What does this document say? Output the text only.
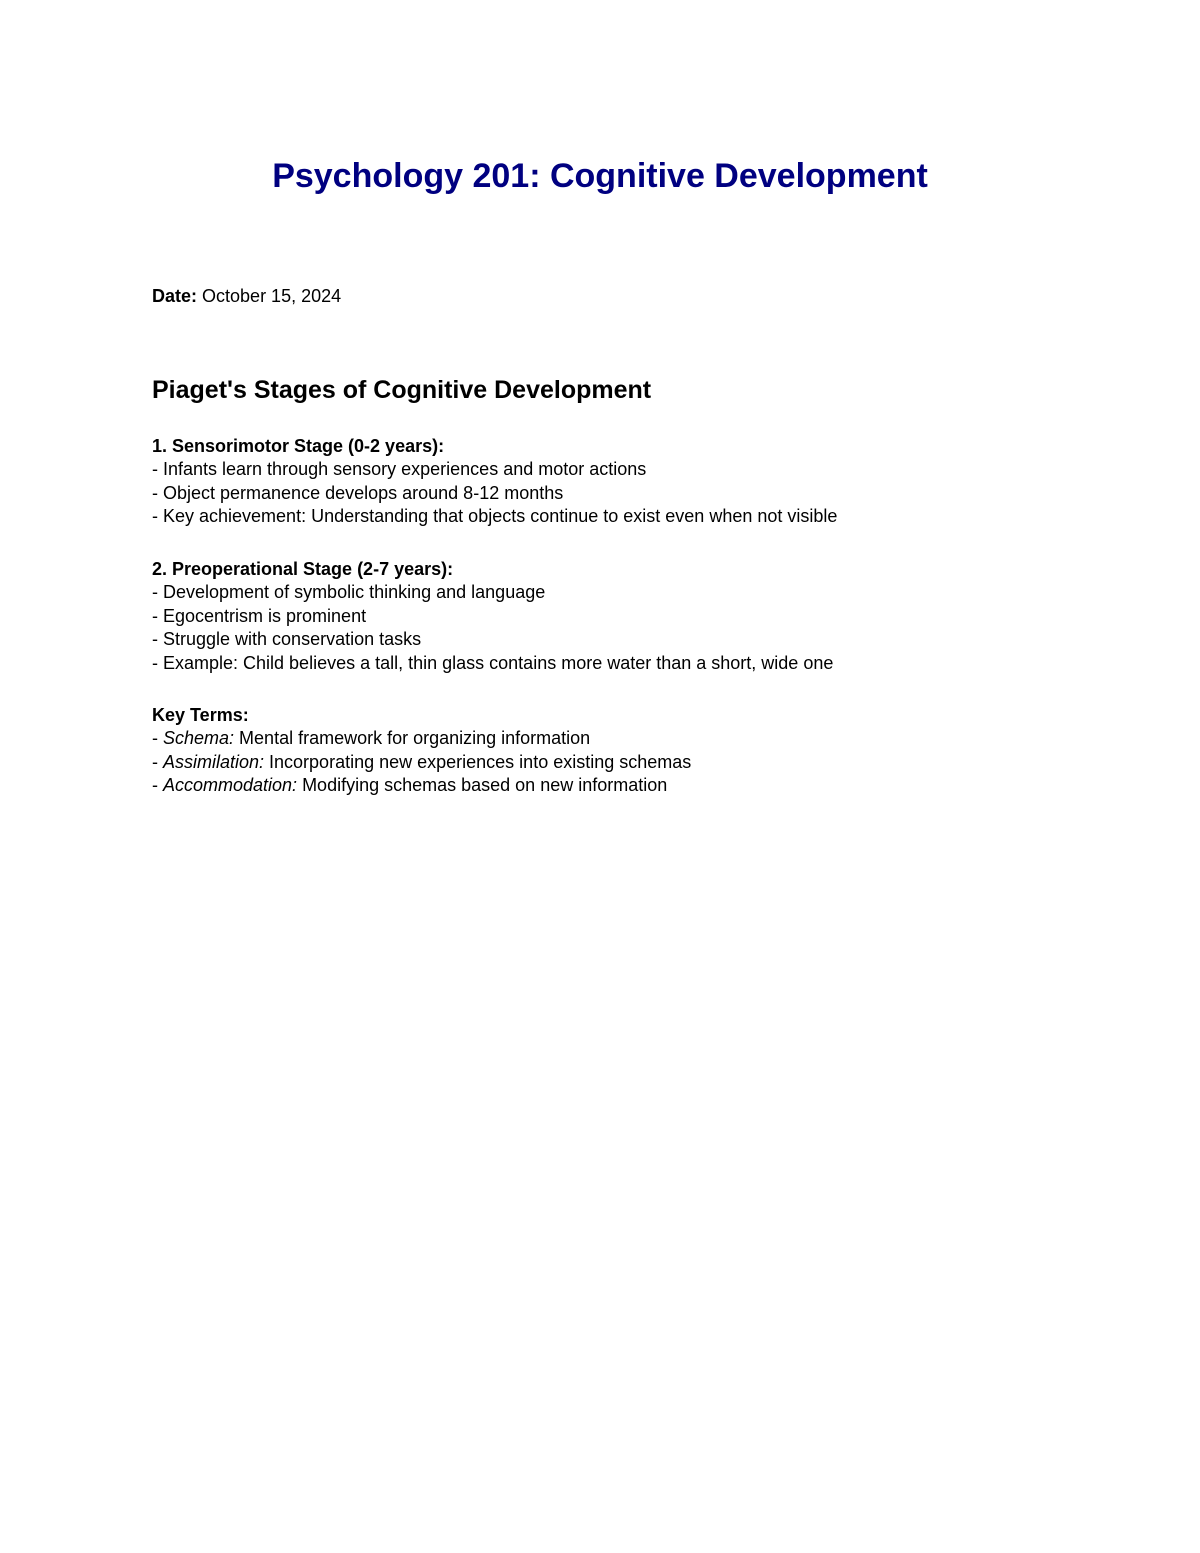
Psychology 201: Cognitive Development

Date: October 15, 2024

Piaget's Stages of Cognitive Development
1. Sensorimotor Stage (0-2 years):
- Infants learn through sensory experiences and motor actions
- Object permanence develops around 8-12 months
- Key achievement: Understanding that objects continue to exist even when not visible
2. Preoperational Stage (2-7 years):
- Development of symbolic thinking and language
- Egocentrism is prominent
- Struggle with conservation tasks
- Example: Child believes a tall, thin glass contains more water than a short, wide one
Key Terms:
- Schema: Mental framework for organizing information
- Assimilation: Incorporating new experiences into existing schemas
- Accommodation: Modifying schemas based on new information
